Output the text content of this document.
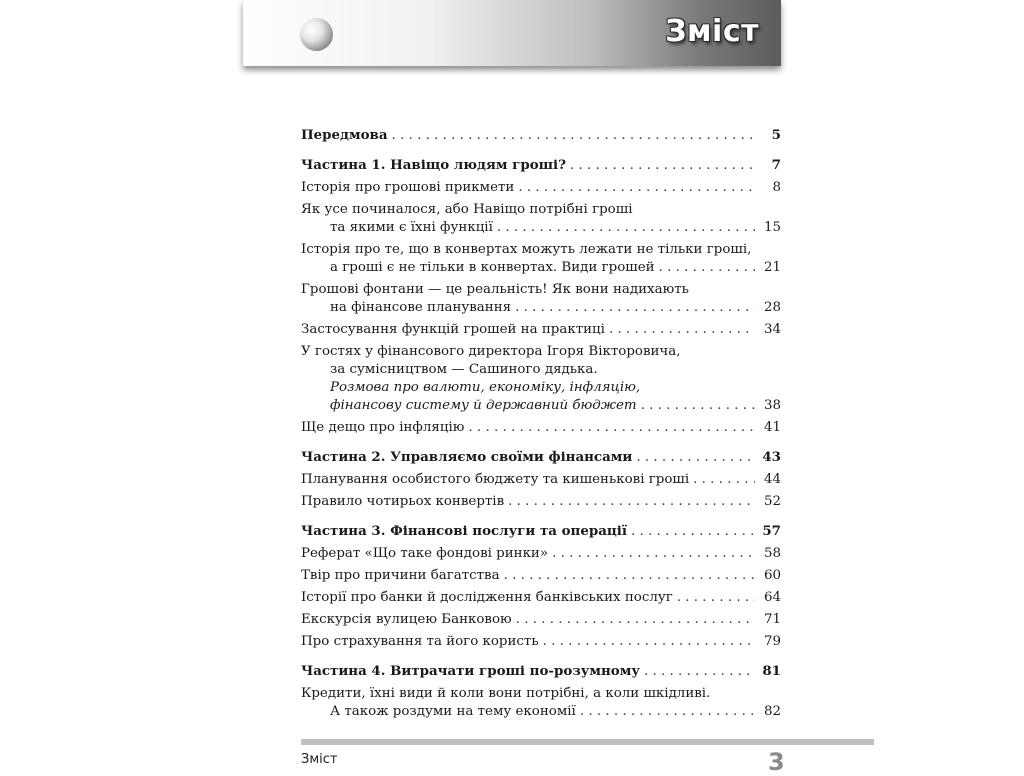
Зміст
Передмова . . .	5
Частина 1. Навіщо людям гроші? . . .	7
Історія про грошові прикмети . . .	8
Як усе починалося, або Навіщо потрібні гроші
та якими є їхні функції . . .	15
Історія про те, що в конвертах можуть лежати не тільки гроші,
а гроші є не тільки в конвертах. Види грошей . . .	21
Грошові фонтани — це реальність! Як вони надихають
на фінансове планування . . .	28
Застосування функцій грошей на практиці . . .	34
У гостях у фінансового директора Ігоря Вікторовича,
за сумісництвом — Сашиного дядька.
Розмова про валюти, економіку, інфляцію,
фінансову систему й державний бюджет . . .	38
Ще дещо про інфляцію . . .	41
Частина 2. Управляємо своїми фінансами . . .	43
Планування особистого бюджету та кишенькові гроші . . .	44
Правило чотирьох конвертів . . .	52
Частина 3. Фінансові послуги та операції . . .	57
Реферат «Що таке фондові ринки» . . .	58
Твір про причини багатства . . .	60
Історії про банки й дослідження банківських послуг . . .	64
Екскурсія вулицею Банковою . . .	71
Про страхування та його користь . . .	79
Частина 4. Витрачати гроші по-розумному . . .	81
Кредити, їхні види й коли вони потрібні, а коли шкідливі.
А також роздуми на тему економії . . .	82
Зміст	3
